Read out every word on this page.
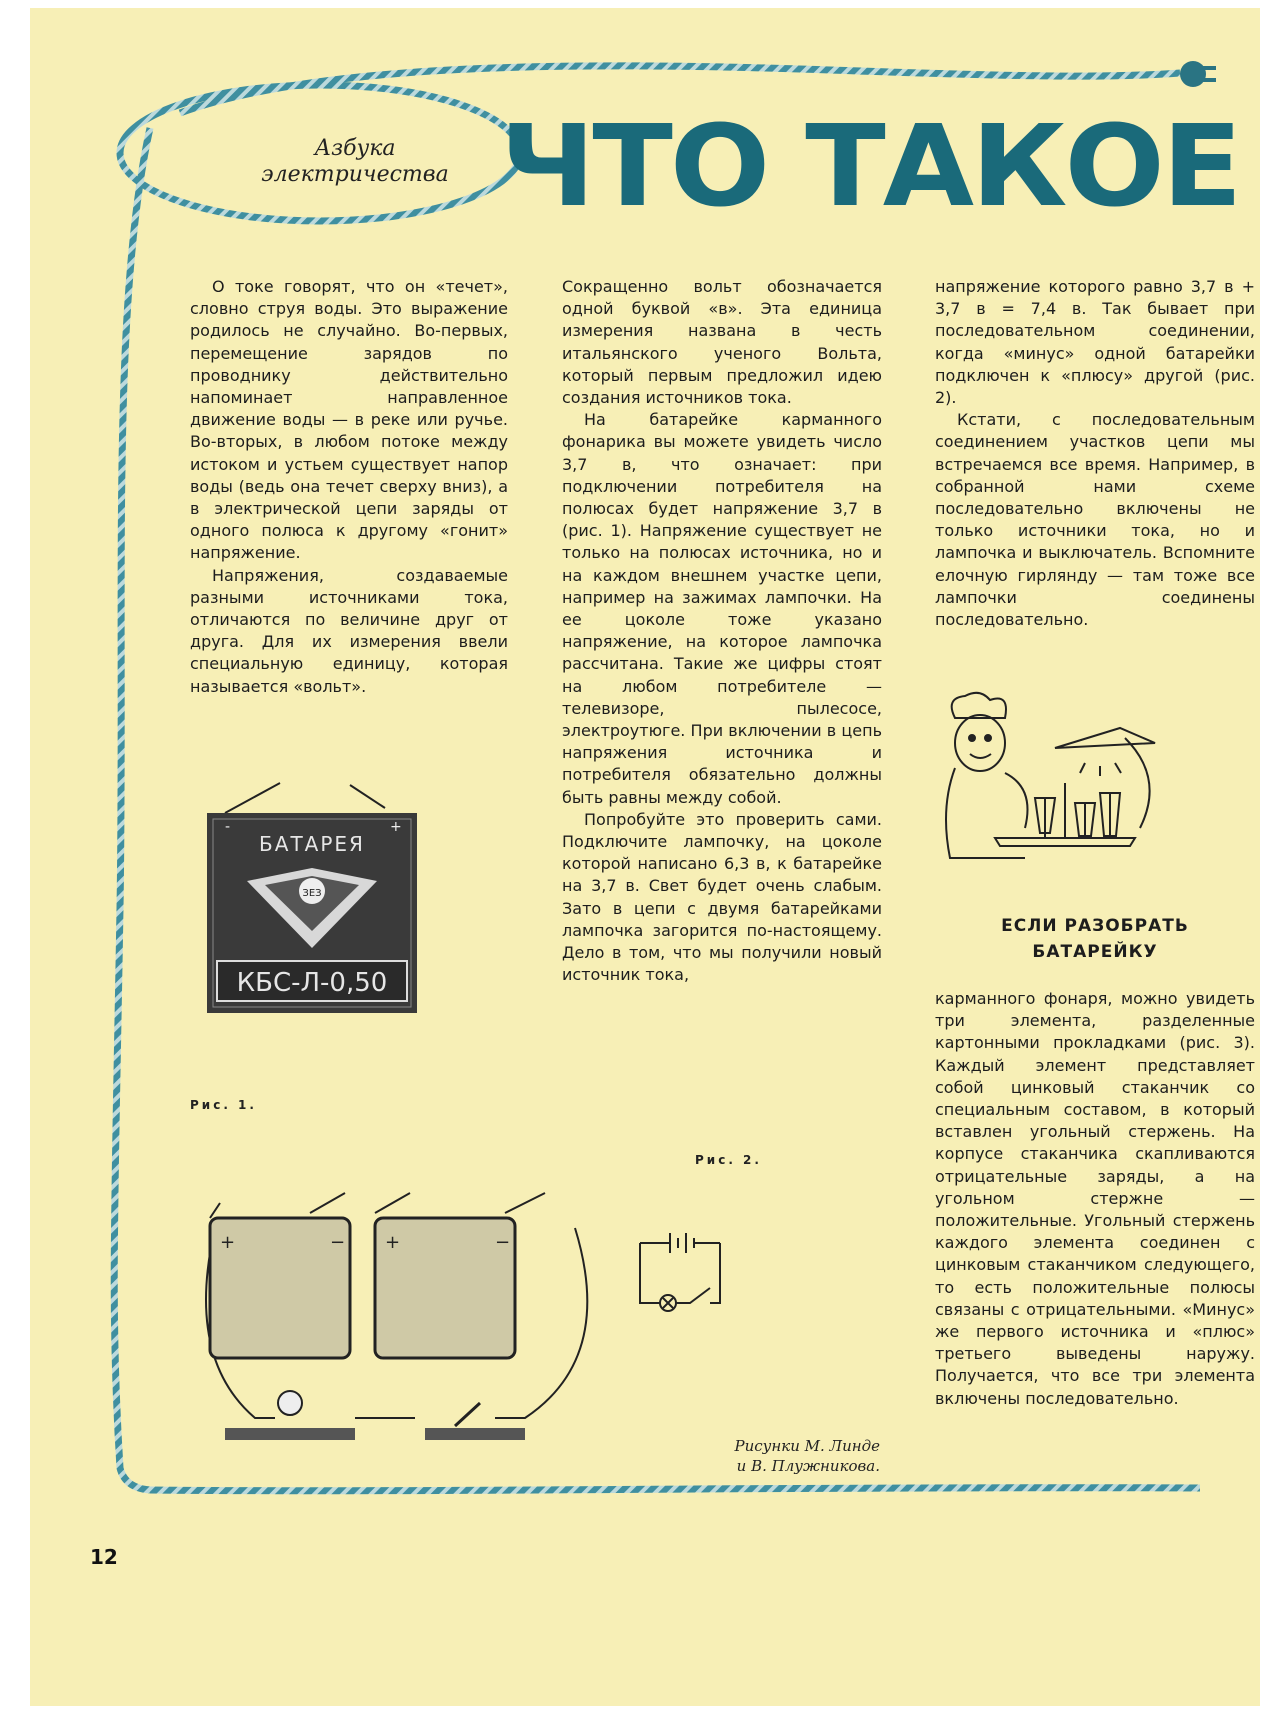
Азбука
электричества ЧТО ТАКОЕ

О токе говорят, что он «течет», словно струя воды. Это выражение родилось не случайно. Во-первых, перемещение зарядов по проводнику действительно напоминает направленное движение воды — в реке или ручье. Во-вторых, в любом потоке между истоком и устьем существует напор воды (ведь она течет сверху вниз), а в электрической цепи заряды от одного полюса к другому «гонит» напряжение.

Напряжения, создаваемые разными источниками тока, отличаются по величине друг от друга. Для их измерения ввели специальную единицу, которая называется «вольт».

Сокращенно вольт обозначается одной буквой «в». Эта единица измерения названа в честь итальянского ученого Вольта, который первым предложил идею создания источников тока.

На батарейке карманного фонарика вы можете увидеть число 3,7 в, что означает: при подключении потребителя на полюсах будет напряжение 3,7 в (рис. 1). Напряжение существует не только на полюсах источника, но и на каждом внешнем участке цепи, например на зажимах лампочки. На ее цоколе тоже указано напряжение, на которое лампочка рассчитана. Такие же цифры стоят на любом потребителе — телевизоре, пылесосе, электроутюге. При включении в цепь напряжения источника и потребителя обязательно должны быть равны между собой.

Попробуйте это проверить сами. Подключите лампочку, на цоколе которой написано 6,3 в, к батарейке на 3,7 в. Свет будет очень слабым. Зато в цепи с двумя батарейками лампочка загорится по-настоящему. Дело в том, что мы получили новый источник тока,

напряжение которого равно 3,7 в + 3,7 в = 7,4 в. Так бывает при последовательном соединении, когда «минус» одной батарейки подключен к «плюсу» другой (рис. 2).

Кстати, с последовательным соединением участков цепи мы встречаемся все время. Например, в собранной нами схеме последовательно включены не только источники тока, но и лампочка и выключатель. Вспомните елочную гирлянду — там тоже все лампочки соединены последовательно.

ЕСЛИ РАЗОБРАТЬ
БАТАРЕЙКУ

карманного фонаря, можно увидеть три элемента, разделенные картонными прокладками (рис. 3). Каждый элемент представляет собой цинковый стаканчик со специальным составом, в который вставлен угольный стержень. На корпусе стаканчика скапливаются отрицательные заряды, а на угольном стержне — положительные. Угольный стержень каждого элемента соединен с цинковым стаканчиком следующего, то есть положительные полюсы связаны с отрицательными. «Минус» же первого источника и «плюс» третьего выведены наружу. Получается, что все три элемента включены последовательно.

-	+
БАТАРЕЯ
ЗЕЗ
КБС-Л-0,50
Рис. 1.
Рис. 2.
+	− +	−
Рисунки М. Линде
и В. Плужникова.
12
